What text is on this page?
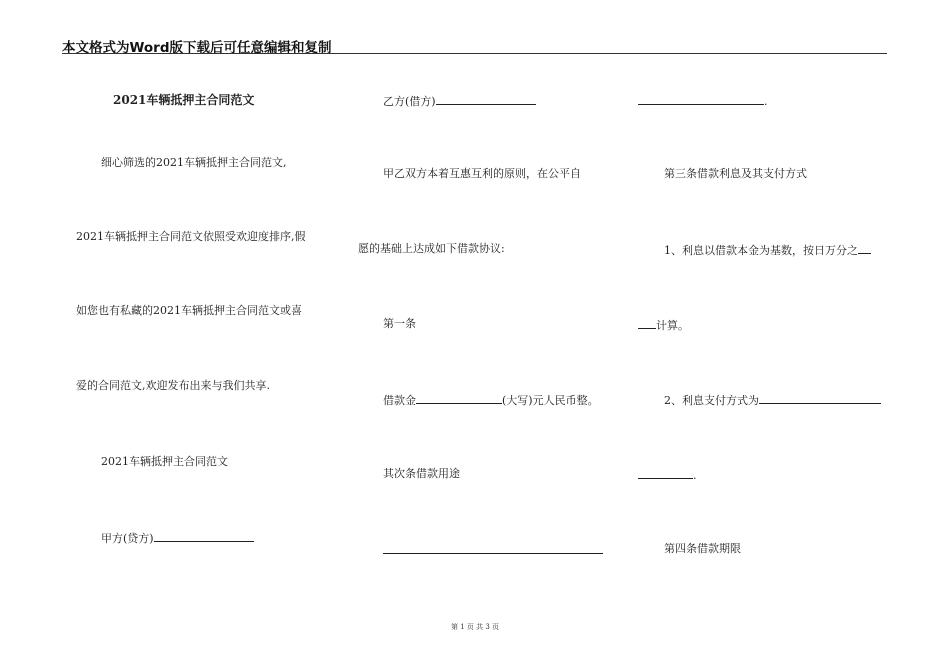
本文格式为Word版下载后可任意编辑和复制
2021车辆抵押主合同范文
细心筛选的2021车辆抵押主合同范文,
2021车辆抵押主合同范文依照受欢迎度排序,假
如您也有私藏的2021车辆抵押主合同范文或喜
爱的合同范文,欢迎发布出来与我们共享.
2021车辆抵押主合同范文
甲方(贷方)
乙方(借方)
甲乙双方本着互惠互利的原则，在公平自
愿的基础上达成如下借款协议:
第一条
借款金	(大写)元人民币整。
其次条借款用途
.
第三条借款利息及其支付方式
1、利息以借款本金为基数，按日万分之
计算。
2、利息支付方式为
.
第四条借款期限
第 1 页 共 3 页
